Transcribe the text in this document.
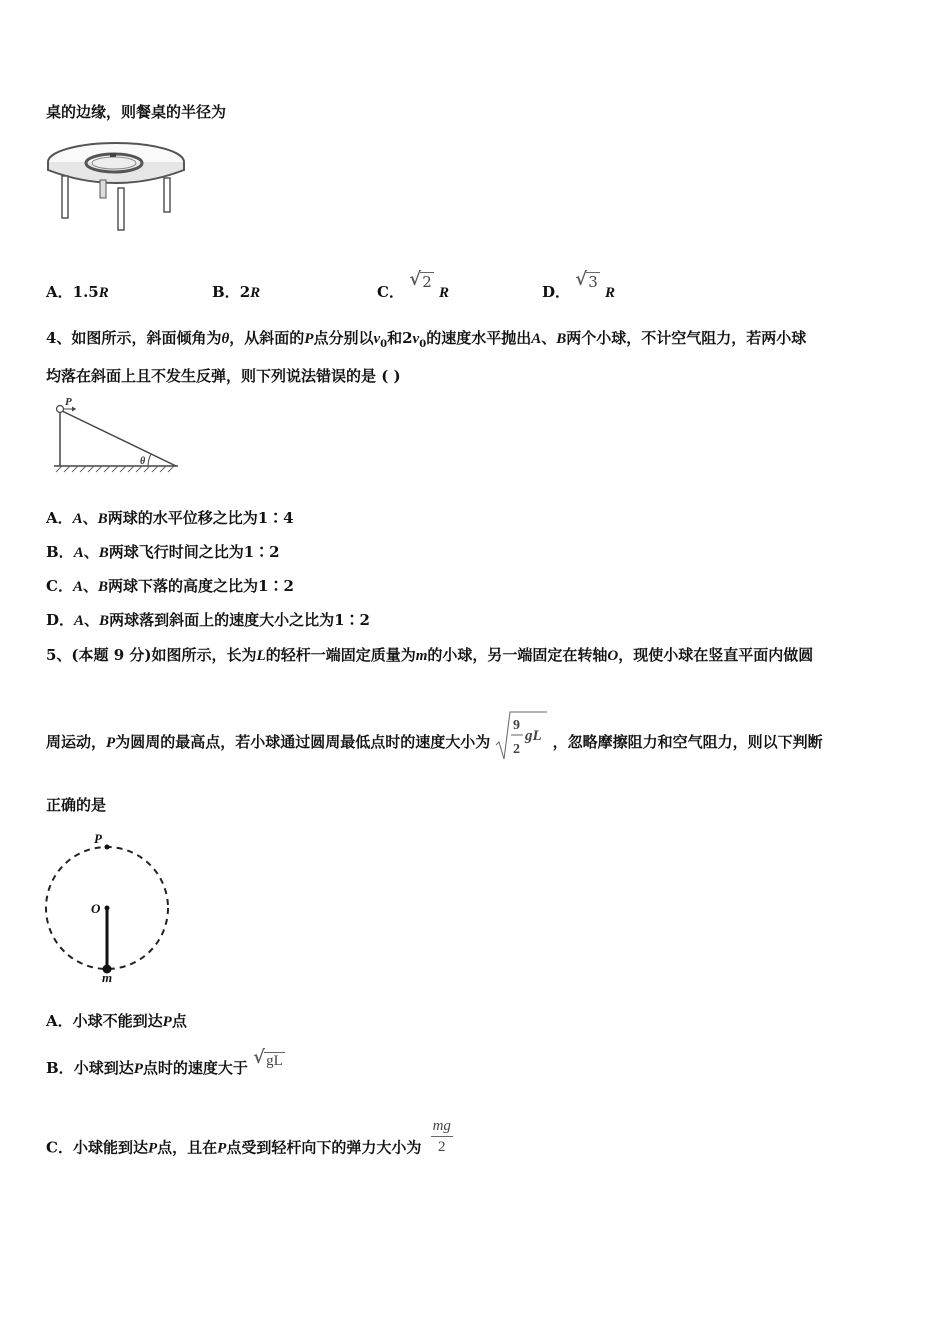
桌的边缘，则餐桌的半径为
A．1.5R	B．2R	C．
√ 2 R	D．
√ 3 R
4、如图所示，斜面倾角为θ，从斜面的P点分别以$v_0$和$2v_0$的速度水平抛出A、B两个小球，不计空气阻力，若两小球
均落在斜面上且不发生反弹，则下列说法错误的是 ( )
P
θ
A．A、B两球的水平位移之比为1∶4
B．A、B两球飞行时间之比为1∶2
C．A、B两球下落的高度之比为1∶2
D．A、B两球落到斜面上的速度大小之比为1∶2
5、(本题 9 分)如图所示，长为L的轻杆一端固定质量为m的小球，另一端固定在转轴O，现使小球在竖直平面内做圆
周运动，P为圆周的最高点，若小球通过圆周最低点时的速度大小为
9
2
gL ，忽略摩擦阻力和空气阻力，则以下判断
正确的是
P
O
m
A．小球不能到达P点
B．小球到达P点时的速度大于 √ gL
C．小球能到达P点，且在P点受到轻杆向下的弹力大小为 $\frac{mg}{2}$
